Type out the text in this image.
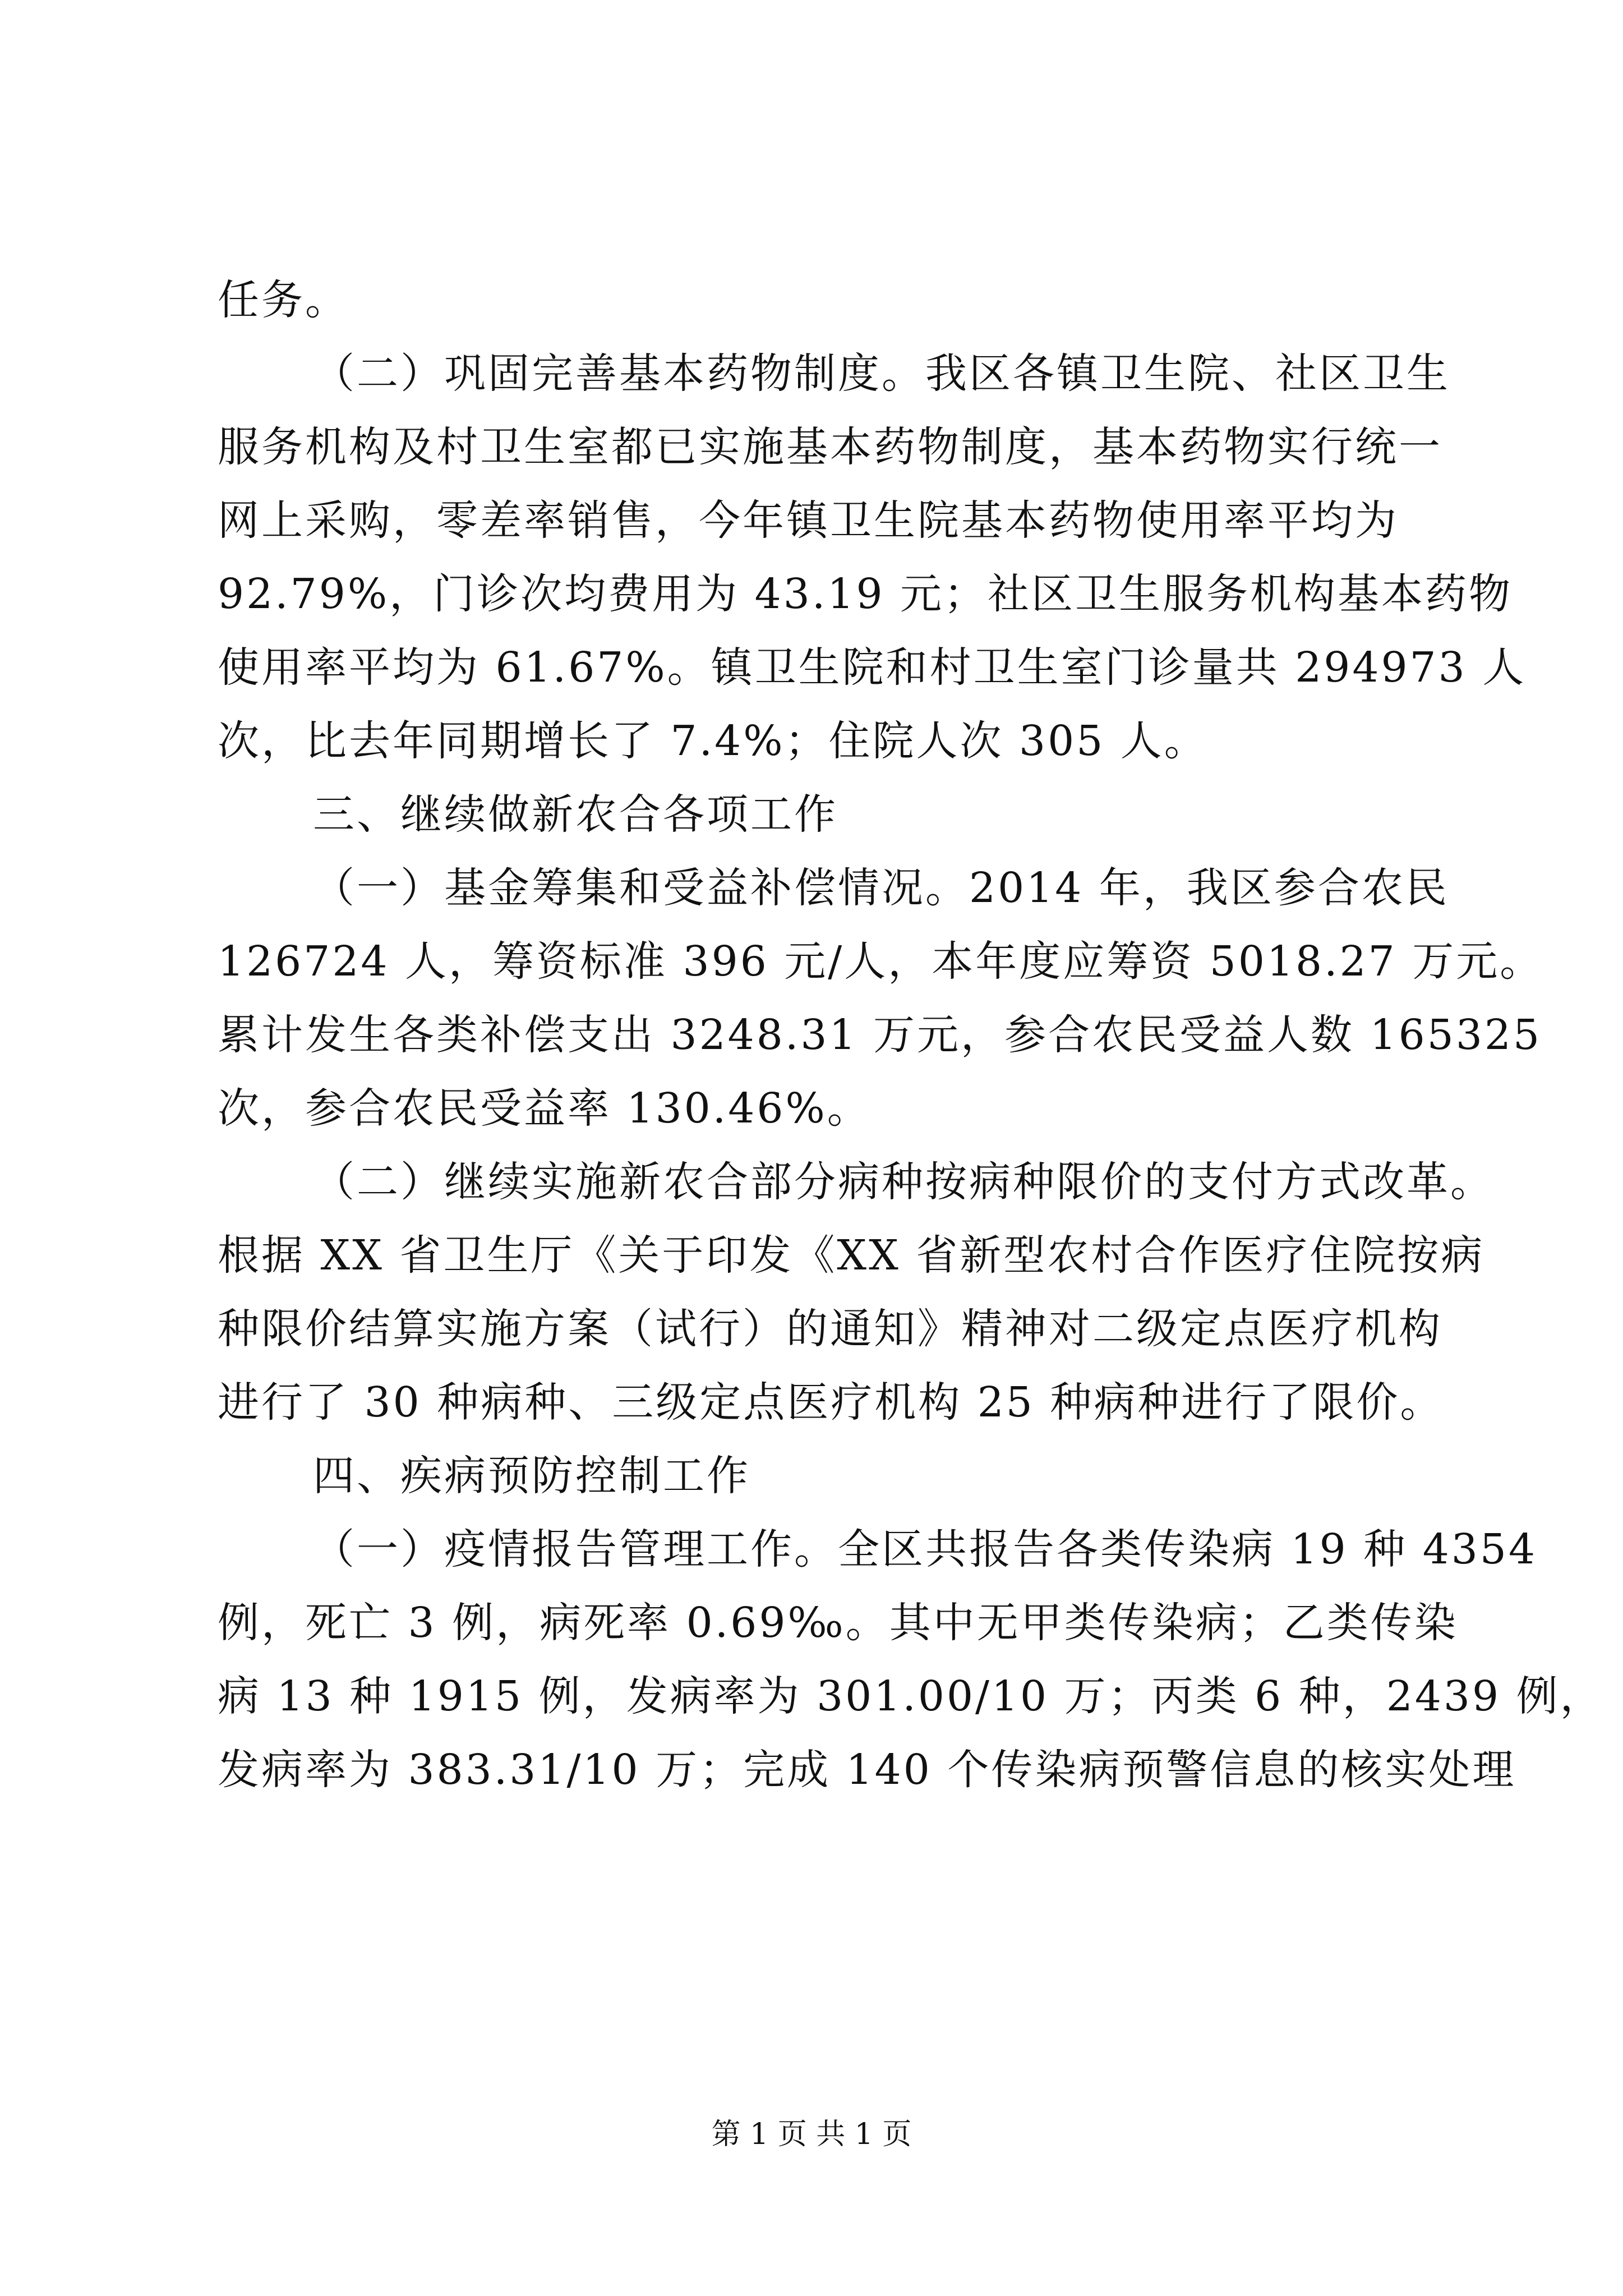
任务。
（二）巩固完善基本药物制度。我区各镇卫生院、社区卫生
服务机构及村卫生室都已实施基本药物制度，基本药物实行统一
网上采购，零差率销售，今年镇卫生院基本药物使用率平均为
92.79%，门诊次均费用为 43.19 元；社区卫生服务机构基本药物
使用率平均为 61.67%。镇卫生院和村卫生室门诊量共 294973 人
次，比去年同期增长了 7.4%；住院人次 305 人。
三、继续做新农合各项工作
（一）基金筹集和受益补偿情况。2014 年，我区参合农民
126724 人，筹资标准 396 元/人，本年度应筹资 5018.27 万元。
累计发生各类补偿支出 3248.31 万元，参合农民受益人数 165325
次，参合农民受益率 130.46%。
（二）继续实施新农合部分病种按病种限价的支付方式改革。
根据 XX 省卫生厅《关于印发《XX 省新型农村合作医疗住院按病
种限价结算实施方案（试行）的通知》精神对二级定点医疗机构
进行了 30 种病种、三级定点医疗机构 25 种病种进行了限价。
四、疾病预防控制工作
（一）疫情报告管理工作。全区共报告各类传染病 19 种 4354
例，死亡 3 例，病死率 0.69‰。其中无甲类传染病；乙类传染
病 13 种 1915 例，发病率为 301.00/10 万；丙类 6 种，2439 例，
发病率为 383.31/10 万；完成 140 个传染病预警信息的核实处理
第 1 页 共 1 页
